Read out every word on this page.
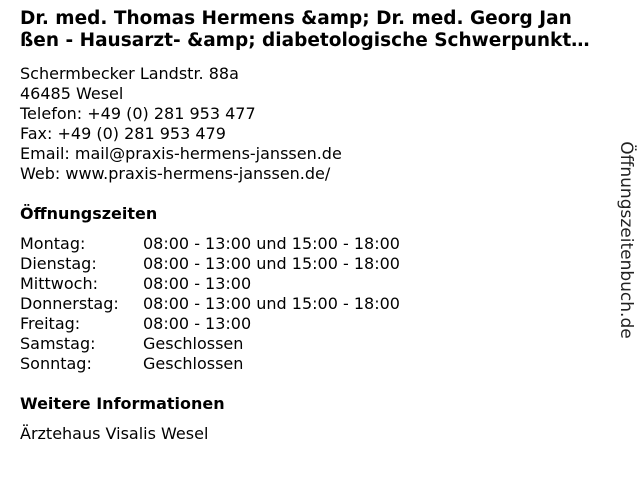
Dr. med. Thomas Hermens &amp; Dr. med. Georg Jan
ßen - Hausarzt- &amp; diabetologische Schwerpunkt…
Schermbecker Landstr. 88a
46485 Wesel
Telefon: +49 (0) 281 953 477
Fax: +49 (0) 281 953 479
Email: mail@praxis-hermens-janssen.de
Web: www.praxis-hermens-janssen.de/
Öffnungszeiten
Montag:	08:00 - 13:00 und 15:00 - 18:00
Dienstag:	08:00 - 13:00 und 15:00 - 18:00
Mittwoch:	08:00 - 13:00
Donnerstag:	08:00 - 13:00 und 15:00 - 18:00
Freitag:	08:00 - 13:00
Samstag:	Geschlossen
Sonntag:	Geschlossen
Weitere Informationen
Ärztehaus Visalis Wesel
Öffnungszeitenbuch.de
